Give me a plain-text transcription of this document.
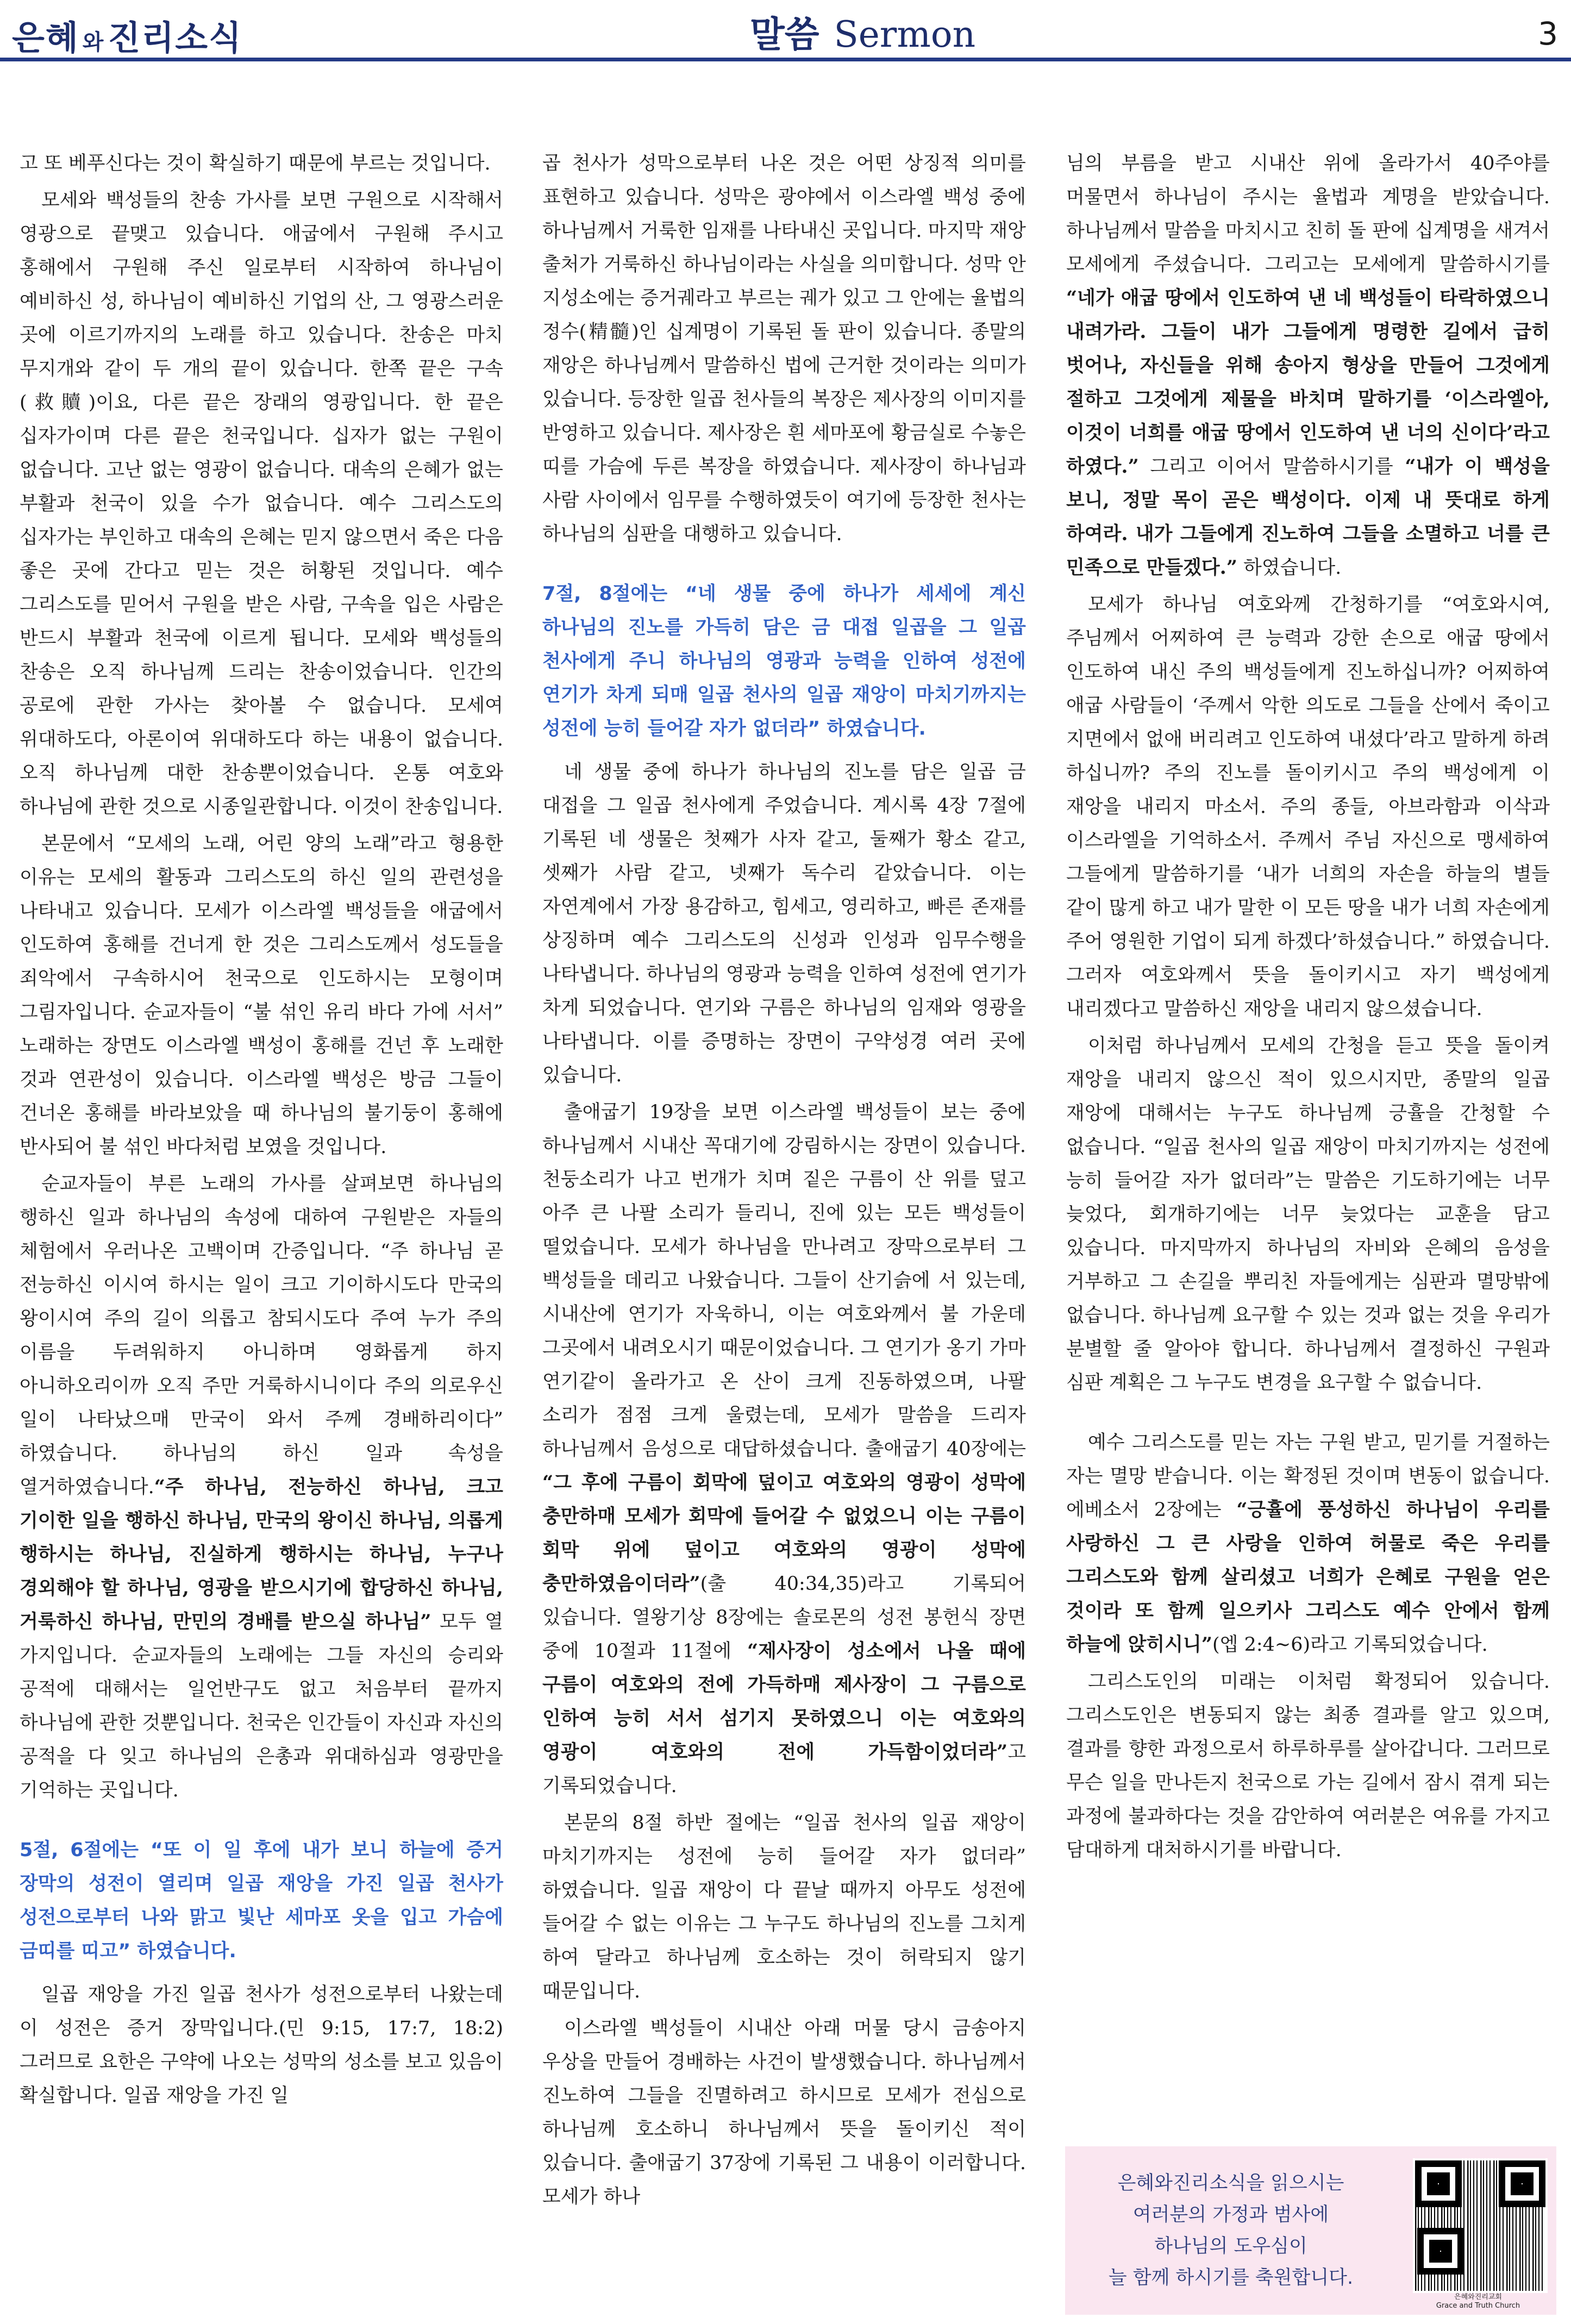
은혜 와진리소식	말씀 Sermon	3

고 또 베푸신다는 것이 확실하기 때문에 부르는 것입니다.

모세와 백성들의 찬송 가사를 보면 구원으로 시작해서 영광으로 끝맺고 있습니다. 애굽에서 구원해 주시고 홍해에서 구원해 주신 일로부터 시작하여 하나님이 예비하신 성, 하나님이 예비하신 기업의 산, 그 영광스러운 곳에 이르기까지의 노래를 하고 있습니다. 찬송은 마치 무지개와 같이 두 개의 끝이 있습니다. 한쪽 끝은 구속(救贖)이요, 다른 끝은 장래의 영광입니다. 한 끝은 십자가이며 다른 끝은 천국입니다. 십자가 없는 구원이 없습니다. 고난 없는 영광이 없습니다. 대속의 은혜가 없는 부활과 천국이 있을 수가 없습니다. 예수 그리스도의 십자가는 부인하고 대속의 은혜는 믿지 않으면서 죽은 다음 좋은 곳에 간다고 믿는 것은 허황된 것입니다. 예수 그리스도를 믿어서 구원을 받은 사람, 구속을 입은 사람은 반드시 부활과 천국에 이르게 됩니다. 모세와 백성들의 찬송은 오직 하나님께 드리는 찬송이었습니다. 인간의 공로에 관한 가사는 찾아볼 수 없습니다. 모세여 위대하도다, 아론이여 위대하도다 하는 내용이 없습니다. 오직 하나님께 대한 찬송뿐이었습니다. 온통 여호와 하나님에 관한 것으로 시종일관합니다. 이것이 찬송입니다.

본문에서 “모세의 노래, 어린 양의 노래”라고 형용한 이유는 모세의 활동과 그리스도의 하신 일의 관련성을 나타내고 있습니다. 모세가 이스라엘 백성들을 애굽에서 인도하여 홍해를 건너게 한 것은 그리스도께서 성도들을 죄악에서 구속하시어 천국으로 인도하시는 모형이며 그림자입니다. 순교자들이 “불 섞인 유리 바다 가에 서서” 노래하는 장면도 이스라엘 백성이 홍해를 건넌 후 노래한 것과 연관성이 있습니다. 이스라엘 백성은 방금 그들이 건너온 홍해를 바라보았을 때 하나님의 불기둥이 홍해에 반사되어 불 섞인 바다처럼 보였을 것입니다.

순교자들이 부른 노래의 가사를 살펴보면 하나님의 행하신 일과 하나님의 속성에 대하여 구원받은 자들의 체험에서 우러나온 고백이며 간증입니다. “주 하나님 곧 전능하신 이시여 하시는 일이 크고 기이하시도다 만국의 왕이시여 주의 길이 의롭고 참되시도다 주여 누가 주의 이름을 두려워하지 아니하며 영화롭게 하지 아니하오리이까 오직 주만 거룩하시니이다 주의 의로우신 일이 나타났으매 만국이 와서 주께 경배하리이다” 하였습니다. 하나님의 하신 일과 속성을 열거하였습니다.“주 하나님, 전능하신 하나님, 크고 기이한 일을 행하신 하나님, 만국의 왕이신 하나님, 의롭게 행하시는 하나님, 진실하게 행하시는 하나님, 누구나 경외해야 할 하나님, 영광을 받으시기에 합당하신 하나님, 거룩하신 하나님, 만민의 경배를 받으실 하나님” 모두 열 가지입니다. 순교자들의 노래에는 그들 자신의 승리와 공적에 대해서는 일언반구도 없고 처음부터 끝까지 하나님에 관한 것뿐입니다. 천국은 인간들이 자신과 자신의 공적을 다 잊고 하나님의 은총과 위대하심과 영광만을 기억하는 곳입니다.

5절, 6절에는 “또 이 일 후에 내가 보니 하늘에 증거 장막의 성전이 열리며 일곱 재앙을 가진 일곱 천사가 성전으로부터 나와 맑고 빛난 세마포 옷을 입고 가슴에 금띠를 띠고” 하였습니다.

일곱 재앙을 가진 일곱 천사가 성전으로부터 나왔는데 이 성전은 증거 장막입니다.(민 9:15, 17:7, 18:2) 그러므로 요한은 구약에 나오는 성막의 성소를 보고 있음이 확실합니다. 일곱 재앙을 가진 일

곱 천사가 성막으로부터 나온 것은 어떤 상징적 의미를 표현하고 있습니다. 성막은 광야에서 이스라엘 백성 중에 하나님께서 거룩한 임재를 나타내신 곳입니다. 마지막 재앙 출처가 거룩하신 하나님이라는 사실을 의미합니다. 성막 안 지성소에는 증거궤라고 부르는 궤가 있고 그 안에는 율법의 정수(精髓)인 십계명이 기록된 돌 판이 있습니다. 종말의 재앙은 하나님께서 말씀하신 법에 근거한 것이라는 의미가 있습니다. 등장한 일곱 천사들의 복장은 제사장의 이미지를 반영하고 있습니다. 제사장은 흰 세마포에 황금실로 수놓은 띠를 가슴에 두른 복장을 하였습니다. 제사장이 하나님과 사람 사이에서 임무를 수행하였듯이 여기에 등장한 천사는 하나님의 심판을 대행하고 있습니다.

7절, 8절에는 “네 생물 중에 하나가 세세에 계신 하나님의 진노를 가득히 담은 금 대접 일곱을 그 일곱 천사에게 주니 하나님의 영광과 능력을 인하여 성전에 연기가 차게 되매 일곱 천사의 일곱 재앙이 마치기까지는 성전에 능히 들어갈 자가 없더라” 하였습니다.

네 생물 중에 하나가 하나님의 진노를 담은 일곱 금 대접을 그 일곱 천사에게 주었습니다. 계시록 4장 7절에 기록된 네 생물은 첫째가 사자 같고, 둘째가 황소 같고, 셋째가 사람 같고, 넷째가 독수리 같았습니다. 이는 자연계에서 가장 용감하고, 힘세고, 영리하고, 빠른 존재를 상징하며 예수 그리스도의 신성과 인성과 임무수행을 나타냅니다. 하나님의 영광과 능력을 인하여 성전에 연기가 차게 되었습니다. 연기와 구름은 하나님의 임재와 영광을 나타냅니다. 이를 증명하는 장면이 구약성경 여러 곳에 있습니다.

출애굽기 19장을 보면 이스라엘 백성들이 보는 중에 하나님께서 시내산 꼭대기에 강림하시는 장면이 있습니다. 천둥소리가 나고 번개가 치며 짙은 구름이 산 위를 덮고 아주 큰 나팔 소리가 들리니, 진에 있는 모든 백성들이 떨었습니다. 모세가 하나님을 만나려고 장막으로부터 그 백성들을 데리고 나왔습니다. 그들이 산기슭에 서 있는데, 시내산에 연기가 자욱하니, 이는 여호와께서 불 가운데 그곳에서 내려오시기 때문이었습니다. 그 연기가 옹기 가마 연기같이 올라가고 온 산이 크게 진동하였으며, 나팔 소리가 점점 크게 울렸는데, 모세가 말씀을 드리자 하나님께서 음성으로 대답하셨습니다. 출애굽기 40장에는 “그 후에 구름이 회막에 덮이고 여호와의 영광이 성막에 충만하매 모세가 회막에 들어갈 수 없었으니 이는 구름이 회막 위에 덮이고 여호와의 영광이 성막에 충만하였음이더라”(출 40:34,35)라고 기록되어 있습니다. 열왕기상 8장에는 솔로몬의 성전 봉헌식 장면 중에 10절과 11절에 “제사장이 성소에서 나올 때에 구름이 여호와의 전에 가득하매 제사장이 그 구름으로 인하여 능히 서서 섬기지 못하였으니 이는 여호와의 영광이 여호와의 전에 가득함이었더라”고 기록되었습니다.

본문의 8절 하반 절에는 “일곱 천사의 일곱 재앙이 마치기까지는 성전에 능히 들어갈 자가 없더라” 하였습니다. 일곱 재앙이 다 끝날 때까지 아무도 성전에 들어갈 수 없는 이유는 그 누구도 하나님의 진노를 그치게 하여 달라고 하나님께 호소하는 것이 허락되지 않기 때문입니다.

이스라엘 백성들이 시내산 아래 머물 당시 금송아지 우상을 만들어 경배하는 사건이 발생했습니다. 하나님께서 진노하여 그들을 진멸하려고 하시므로 모세가 전심으로 하나님께 호소하니 하나님께서 뜻을 돌이키신 적이 있습니다. 출애굽기 37장에 기록된 그 내용이 이러합니다. 모세가 하나

님의 부름을 받고 시내산 위에 올라가서 40주야를 머물면서 하나님이 주시는 율법과 계명을 받았습니다. 하나님께서 말씀을 마치시고 친히 돌 판에 십계명을 새겨서 모세에게 주셨습니다. 그리고는 모세에게 말씀하시기를 “네가 애굽 땅에서 인도하여 낸 네 백성들이 타락하였으니 내려가라. 그들이 내가 그들에게 명령한 길에서 급히 벗어나, 자신들을 위해 송아지 형상을 만들어 그것에게 절하고 그것에게 제물을 바치며 말하기를 ‘이스라엘아, 이것이 너희를 애굽 땅에서 인도하여 낸 너의 신이다’라고 하였다.” 그리고 이어서 말씀하시기를 “내가 이 백성을 보니, 정말 목이 곧은 백성이다. 이제 내 뜻대로 하게 하여라. 내가 그들에게 진노하여 그들을 소멸하고 너를 큰 민족으로 만들겠다.” 하였습니다.

모세가 하나님 여호와께 간청하기를 “여호와시여, 주님께서 어찌하여 큰 능력과 강한 손으로 애굽 땅에서 인도하여 내신 주의 백성들에게 진노하십니까? 어찌하여 애굽 사람들이 ‘주께서 악한 의도로 그들을 산에서 죽이고 지면에서 없애 버리려고 인도하여 내셨다’라고 말하게 하려 하십니까? 주의 진노를 돌이키시고 주의 백성에게 이 재앙을 내리지 마소서. 주의 종들, 아브라함과 이삭과 이스라엘을 기억하소서. 주께서 주님 자신으로 맹세하여 그들에게 말씀하기를 ‘내가 너희의 자손을 하늘의 별들 같이 많게 하고 내가 말한 이 모든 땅을 내가 너희 자손에게 주어 영원한 기업이 되게 하겠다’하셨습니다.” 하였습니다. 그러자 여호와께서 뜻을 돌이키시고 자기 백성에게 내리겠다고 말씀하신 재앙을 내리지 않으셨습니다.

이처럼 하나님께서 모세의 간청을 듣고 뜻을 돌이켜 재앙을 내리지 않으신 적이 있으시지만, 종말의 일곱 재앙에 대해서는 누구도 하나님께 긍휼을 간청할 수 없습니다. “일곱 천사의 일곱 재앙이 마치기까지는 성전에 능히 들어갈 자가 없더라”는 말씀은 기도하기에는 너무 늦었다, 회개하기에는 너무 늦었다는 교훈을 담고 있습니다. 마지막까지 하나님의 자비와 은혜의 음성을 거부하고 그 손길을 뿌리친 자들에게는 심판과 멸망밖에 없습니다. 하나님께 요구할 수 있는 것과 없는 것을 우리가 분별할 줄 알아야 합니다. 하나님께서 결정하신 구원과 심판 계획은 그 누구도 변경을 요구할 수 없습니다.

예수 그리스도를 믿는 자는 구원 받고, 믿기를 거절하는 자는 멸망 받습니다. 이는 확정된 것이며 변동이 없습니다. 에베소서 2장에는 “긍휼에 풍성하신 하나님이 우리를 사랑하신 그 큰 사랑을 인하여 허물로 죽은 우리를 그리스도와 함께 살리셨고 너희가 은혜로 구원을 얻은 것이라 또 함께 일으키사 그리스도 예수 안에서 함께 하늘에 앉히시니”(엡 2:4~6)라고 기록되었습니다.

그리스도인의 미래는 이처럼 확정되어 있습니다. 그리스도인은 변동되지 않는 최종 결과를 알고 있으며, 결과를 향한 과정으로서 하루하루를 살아갑니다. 그러므로 무슨 일을 만나든지 천국으로 가는 길에서 잠시 겪게 되는 과정에 불과하다는 것을 감안하여 여러분은 여유를 가지고 담대하게 대처하시기를 바랍니다.

은혜와진리소식을 읽으시는
여러분의 가정과 범사에
하나님의 도우심이
늘 함께 하시기를 축원합니다.
은혜와진리교회
Grace and Truth Church
